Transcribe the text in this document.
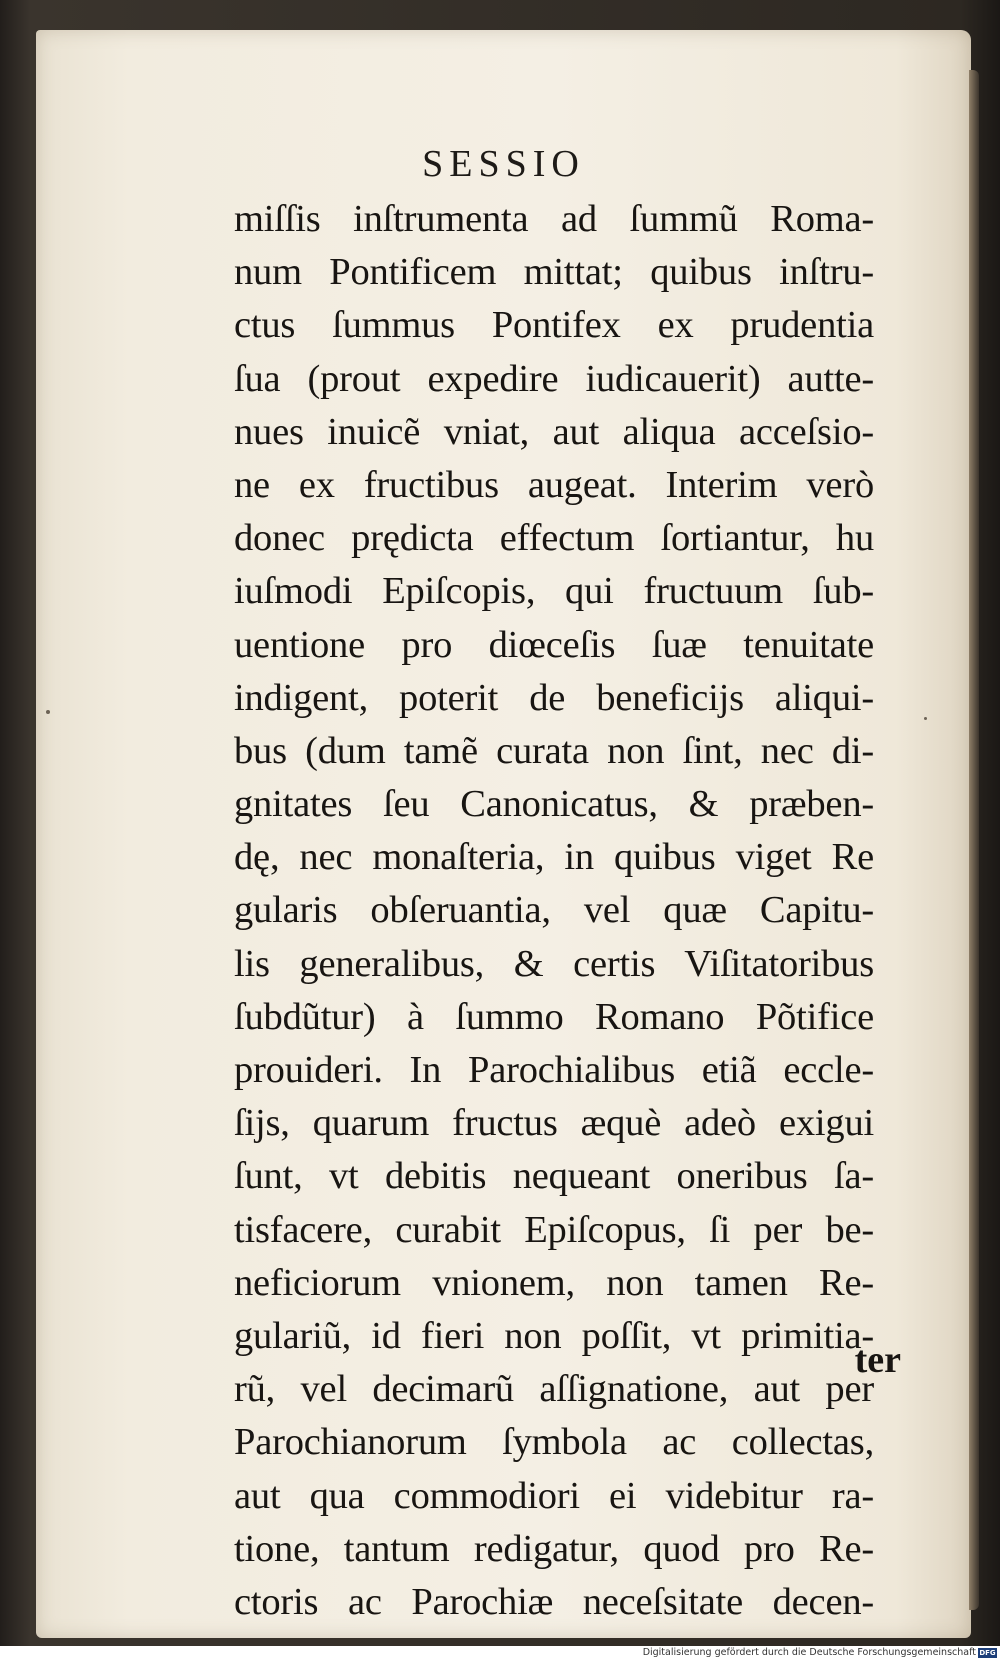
SESSIO
miſſis inſtrumenta ad ſummũ Roma-
num Pontificem mittat; quibus inſtru-
ctus ſummus Pontifex ex prudentia
ſua (prout expedire iudicauerit) autte-
nues inuicẽ vniat, aut aliqua acceſsio-
ne ex fructibus augeat. Interim verò
donec prędicta effectum ſortiantur, hu
iuſmodi Epiſcopis, qui fructuum ſub-
uentione pro diœceſis ſuæ tenuitate
indigent, poterit de beneficijs aliqui-
bus (dum tamẽ curata non ſint, nec di-
gnitates ſeu Canonicatus, & præben-
dę, nec monaſteria, in quibus viget Re
gularis obſeruantia, vel quæ Capitu-
lis generalibus, & certis Viſitatoribus
ſubdũtur) à ſummo Romano Põtifice
prouideri. In Parochialibus etiã eccle-
ſijs, quarum fructus æquè adeò exigui
ſunt, vt debitis nequeant oneribus ſa-
tisfacere, curabit Epiſcopus, ſi per be-
neficiorum vnionem, non tamen Re-
gulariũ, id fieri non poſſit, vt primitia-
rũ, vel decimarũ aſſignatione, aut per
Parochianorum ſymbola ac collectas,
aut qua commodiori ei videbitur ra-
tione, tantum redigatur, quod pro Re-
ctoris ac Parochiæ neceſsitate decen-
ter
Digitalisierung gefördert durch die Deutsche Forschungsgemeinschaft DFG
